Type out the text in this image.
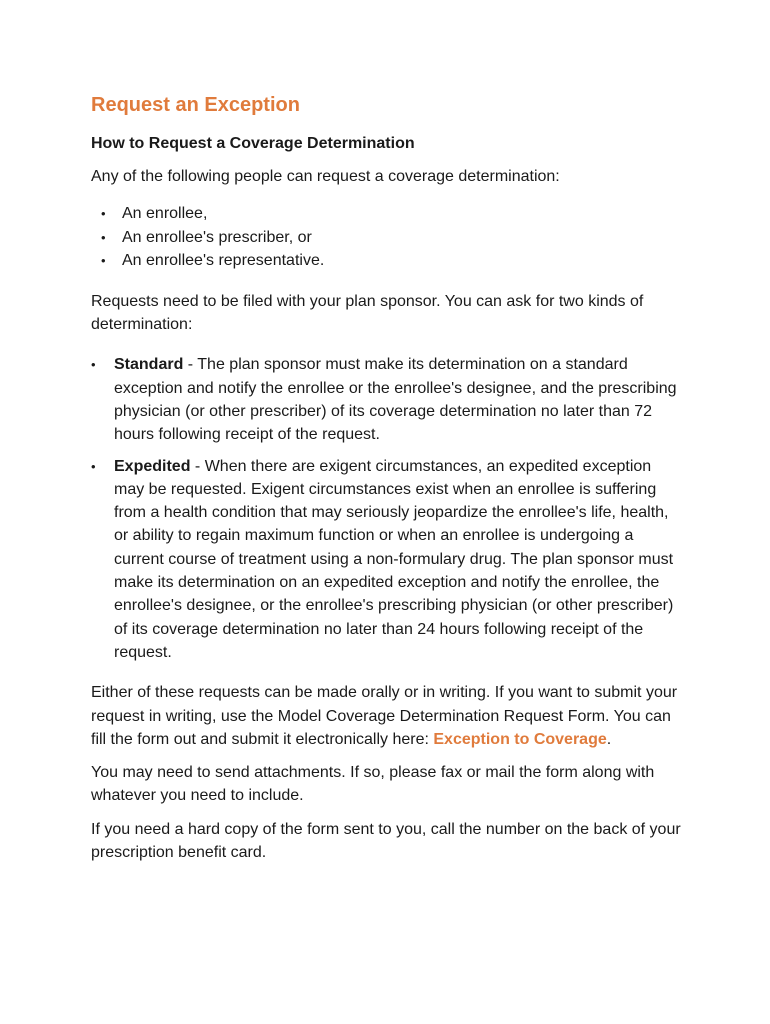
Request an Exception
How to Request a Coverage Determination

Any of the following people can request a coverage determination:

• An enrollee,
• An enrollee's prescriber, or
• An enrollee's representative.

Requests need to be filed with your plan sponsor. You can ask for two kinds of determination:

• Standard - The plan sponsor must make its determination on a standard exception and notify the enrollee or the enrollee's designee, and the prescribing physician (or other prescriber) of its coverage determination no later than 72 hours following receipt of the request.
• Expedited - When there are exigent circumstances, an expedited exception may be requested. Exigent circumstances exist when an enrollee is suffering from a health condition that may seriously jeopardize the enrollee's life, health, or ability to regain maximum function or when an enrollee is undergoing a current course of treatment using a non-formulary drug. The plan sponsor must make its determination on an expedited exception and notify the enrollee, the enrollee's designee, or the enrollee's prescribing physician (or other prescriber) of its coverage determination no later than 24 hours following receipt of the request.

Either of these requests can be made orally or in writing. If you want to submit your request in writing, use the Model Coverage Determination Request Form. You can fill the form out and submit it electronically here: Exception to Coverage.

You may need to send attachments. If so, please fax or mail the form along with whatever you need to include.

If you need a hard copy of the form sent to you, call the number on the back of your prescription benefit card.
